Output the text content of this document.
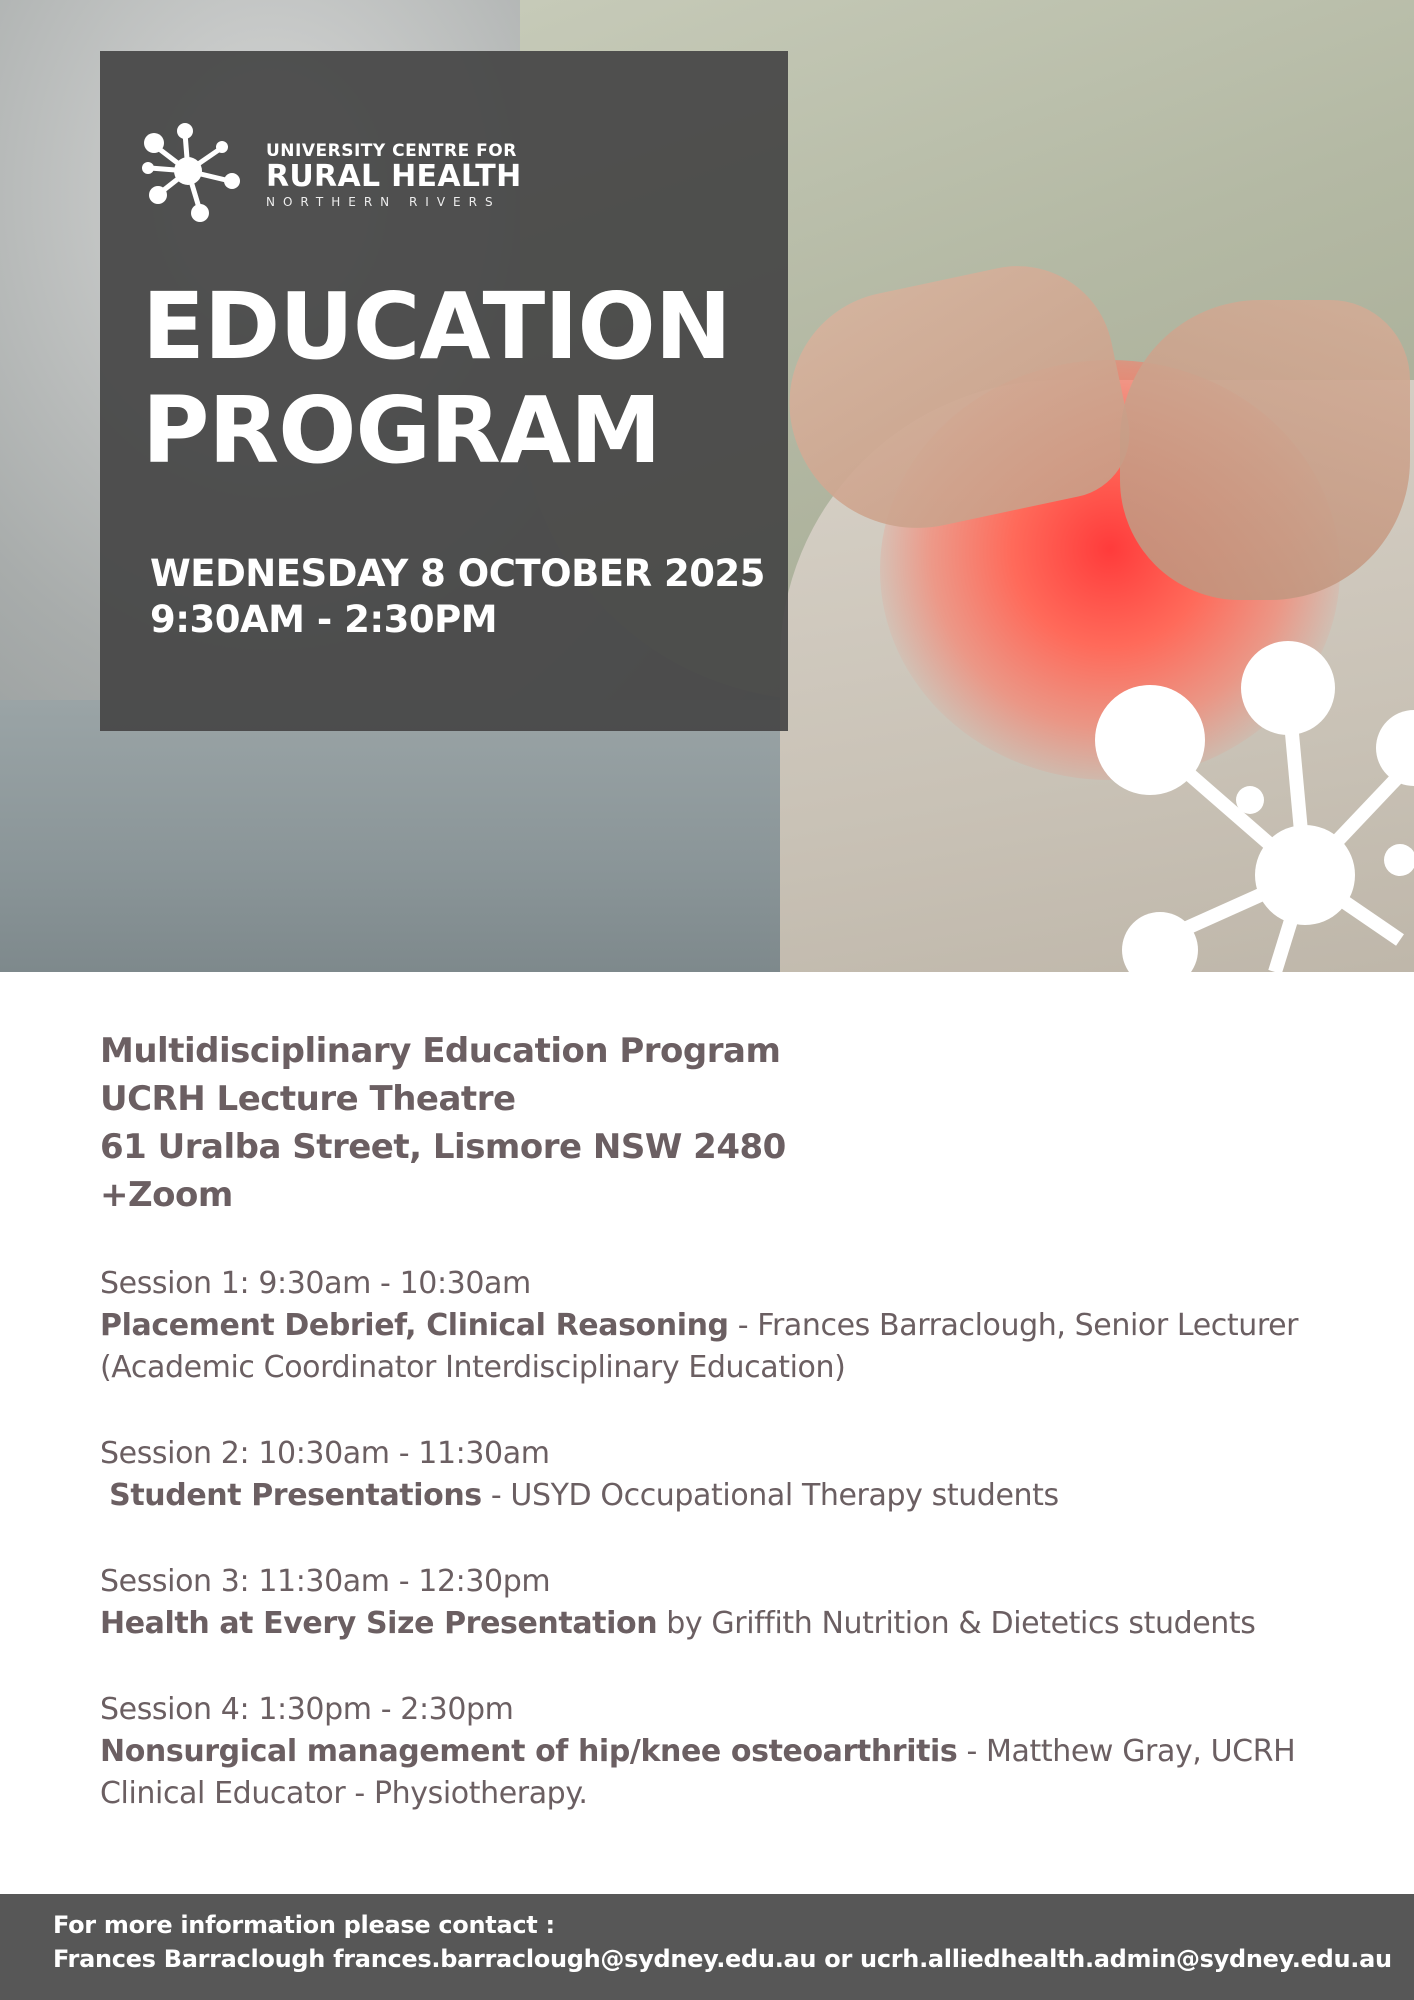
UNIVERSITY CENTRE FOR
RURAL HEALTH
NORTHERN RIVERS
EDUCATION
PROGRAM
WEDNESDAY 8 OCTOBER 2025
9:30AM - 2:30PM
Multidisciplinary Education Program
UCRH Lecture Theatre
61 Uralba Street, Lismore NSW 2480
+Zoom
Session 1: 9:30am - 10:30am
Placement Debrief, Clinical Reasoning - Frances Barraclough, Senior Lecturer (Academic Coordinator Interdisciplinary Education)
Session 2: 10:30am - 11:30am
Student Presentations - USYD Occupational Therapy students
Session 3: 11:30am - 12:30pm
Health at Every Size Presentation by Griffith Nutrition & Dietetics students
Session 4: 1:30pm - 2:30pm
Nonsurgical management of hip/knee osteoarthritis - Matthew Gray, UCRH Clinical Educator - Physiotherapy.
For more information please contact :
Frances Barraclough frances.barraclough@sydney.edu.au or ucrh.alliedhealth.admin@sydney.edu.au
